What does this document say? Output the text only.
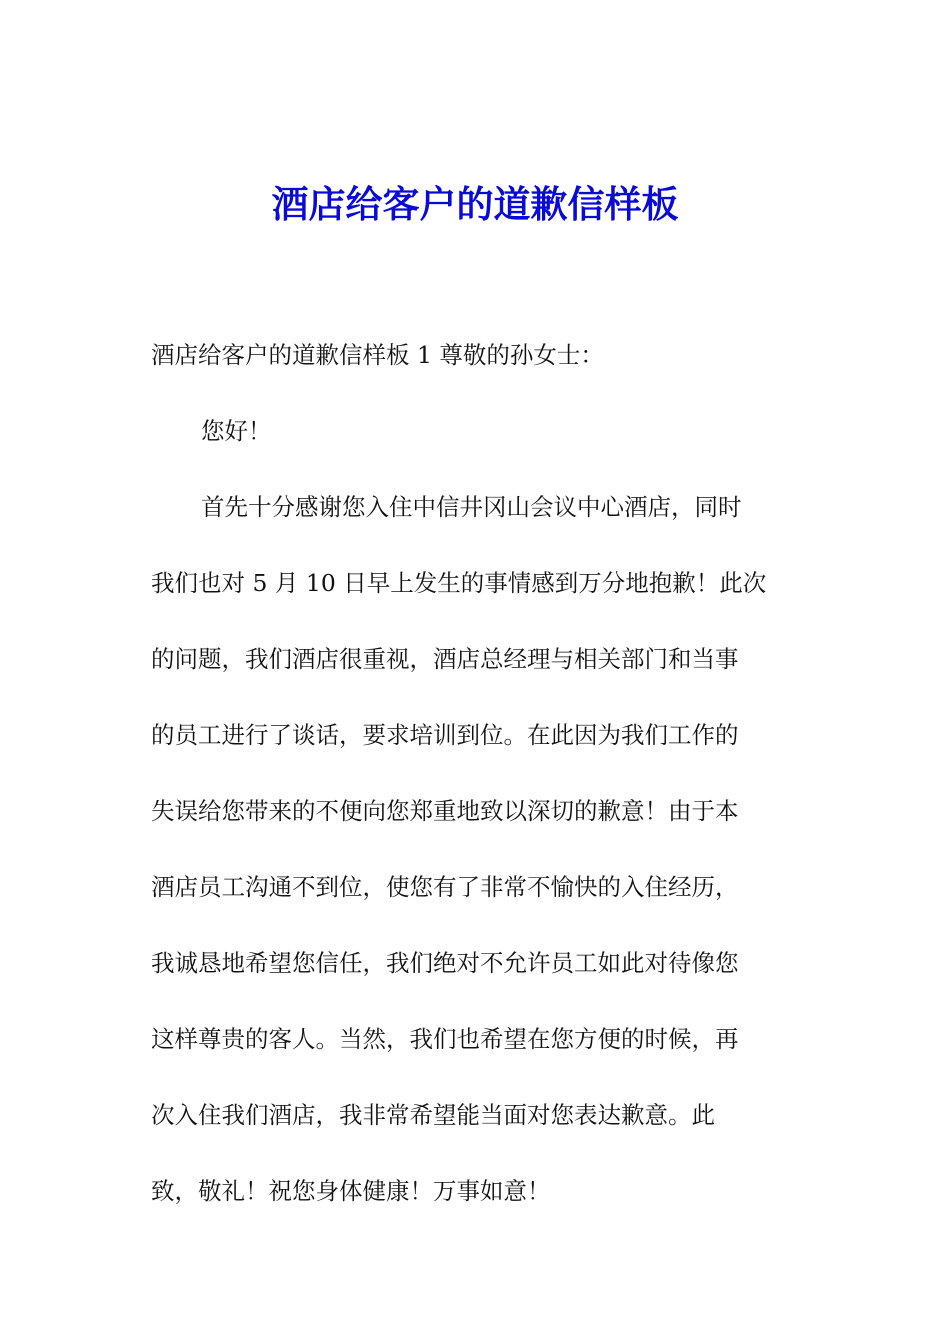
酒店给客户的道歉信样板
酒店给客户的道歉信样板 1 尊敬的孙女士：
您好！
首先十分感谢您入住中信井冈山会议中心酒店，同时
我们也对 5 月 10 日早上发生的事情感到万分地抱歉！此次
的问题，我们酒店很重视，酒店总经理与相关部门和当事
的员工进行了谈话，要求培训到位。在此因为我们工作的
失误给您带来的不便向您郑重地致以深切的歉意！由于本
酒店员工沟通不到位，使您有了非常不愉快的入住经历，
我诚恳地希望您信任，我们绝对不允许员工如此对待像您
这样尊贵的客人。当然，我们也希望在您方便的时候，再
次入住我们酒店，我非常希望能当面对您表达歉意。此
致，敬礼！祝您身体健康！万事如意！
